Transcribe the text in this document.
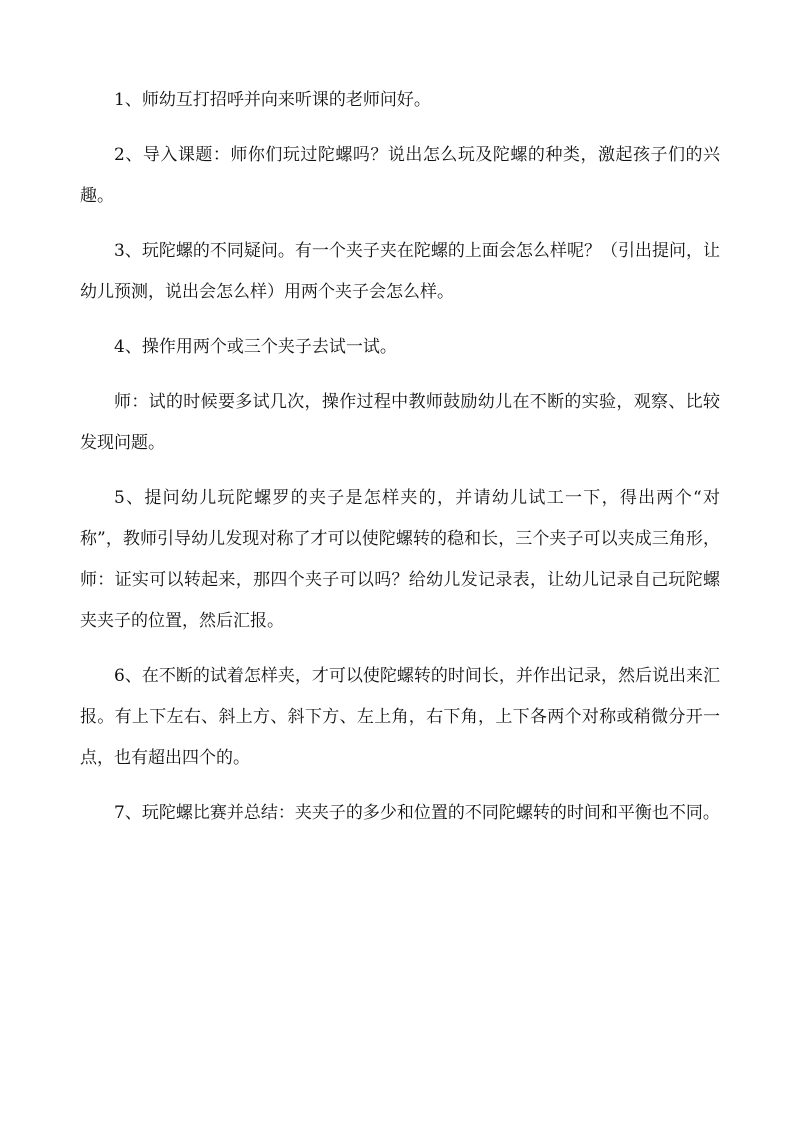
1、师幼互打招呼并向来听课的老师问好。

2、导入课题：师你们玩过陀螺吗？说出怎么玩及陀螺的种类，激起孩子们的兴趣。

3、玩陀螺的不同疑问。有一个夹子夹在陀螺的上面会怎么样呢？（引出提问，让幼儿预测，说出会怎么样）用两个夹子会怎么样。

4、操作用两个或三个夹子去试一试。

师：试的时候要多试几次，操作过程中教师鼓励幼儿在不断的实验，观察、比较发现问题。

5、提问幼儿玩陀螺罗的夹子是怎样夹的，并请幼儿试工一下，得出两个“对称”，教师引导幼儿发现对称了才可以使陀螺转的稳和长，三个夹子可以夹成三角形，师：证实可以转起来，那四个夹子可以吗？给幼儿发记录表，让幼儿记录自己玩陀螺夹夹子的位置，然后汇报。

6、在不断的试着怎样夹，才可以使陀螺转的时间长，并作出记录，然后说出来汇报。有上下左右、斜上方、斜下方、左上角，右下角，上下各两个对称或稍微分开一点，也有超出四个的。

7、玩陀螺比赛并总结：夹夹子的多少和位置的不同陀螺转的时间和平衡也不同。
